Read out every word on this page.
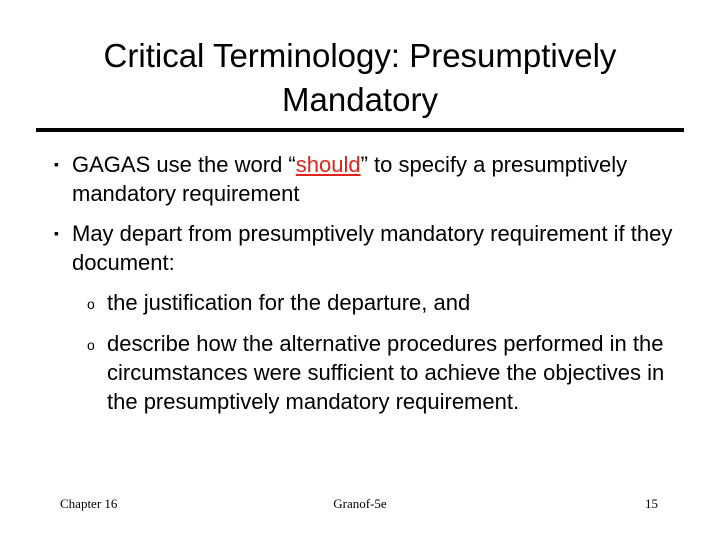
Critical Terminology: Presumptively
Mandatory
▪ GAGAS use the word “should” to specify a presumptively mandatory requirement
▪ May depart from presumptively mandatory requirement if they document:
o the justification for the departure, and
o describe how the alternative procedures performed in the circumstances were sufficient to achieve the objectives in the presumptively mandatory requirement.
Chapter 16	Granof-5e	15
